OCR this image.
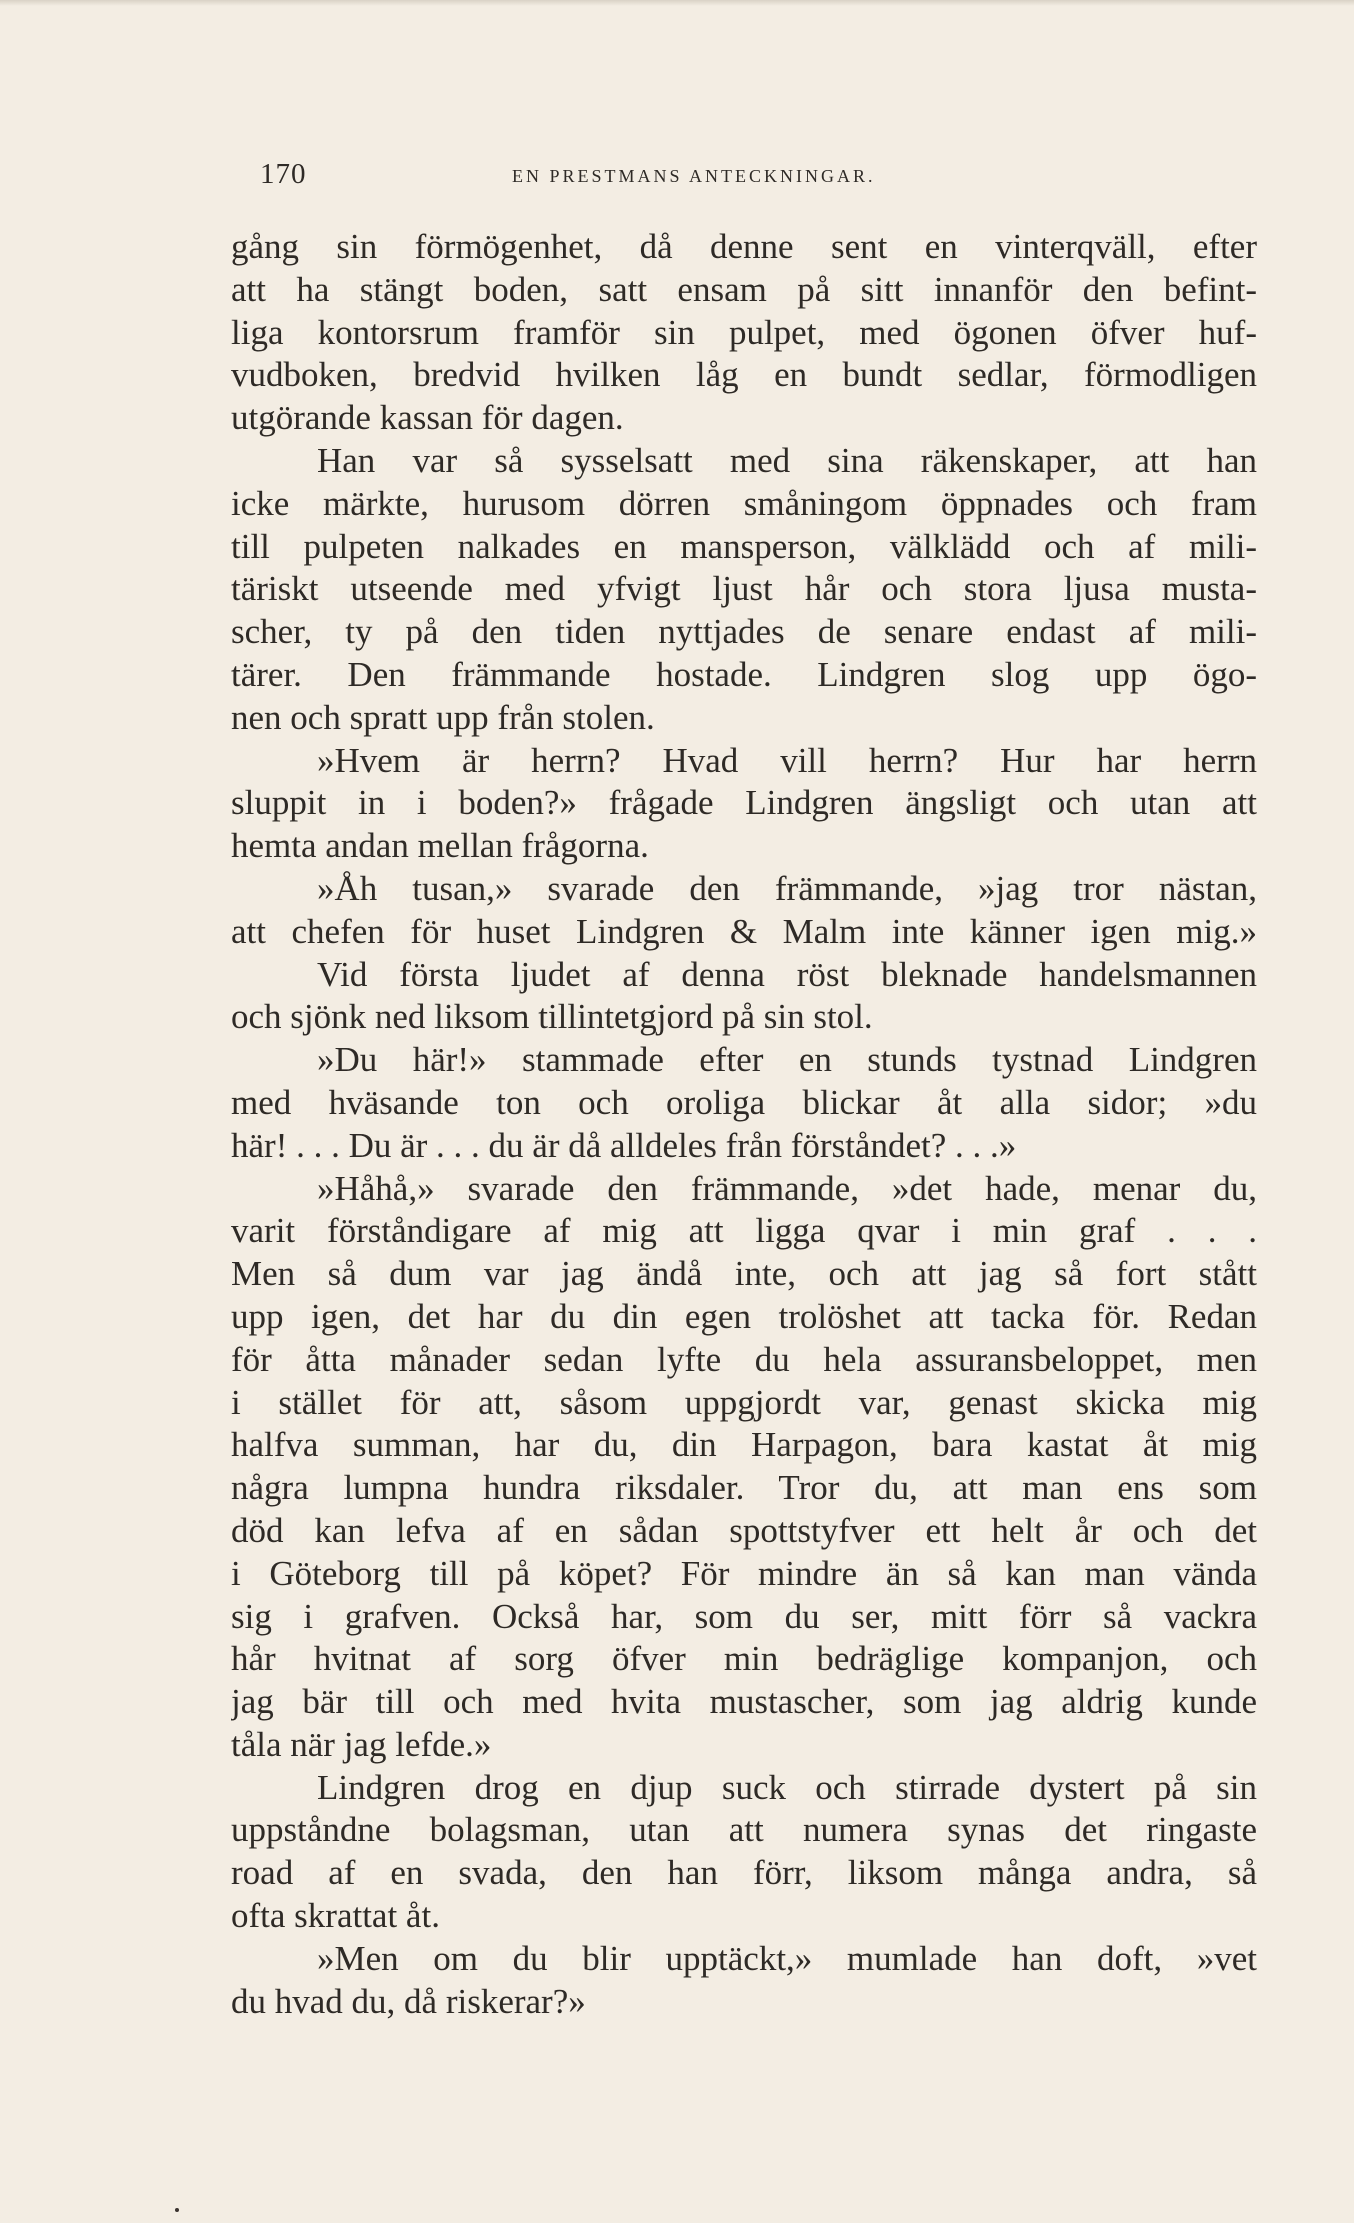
170	EN PRESTMANS ANTECKNINGAR.
gång sin förmögenhet, då denne sent en vinterqväll, efter
att ha stängt boden, satt ensam på sitt innanför den befint-
liga kontorsrum framför sin pulpet, med ögonen öfver huf-
vudboken, bredvid hvilken låg en bundt sedlar, förmodligen
utgörande kassan för dagen.
Han var så sysselsatt med sina räkenskaper, att han
icke märkte, hurusom dörren småningom öppnades och fram
till pulpeten nalkades en mansperson, välklädd och af mili-
täriskt utseende med yfvigt ljust hår och stora ljusa musta-
scher, ty på den tiden nyttjades de senare endast af mili-
tärer. Den främmande hostade. Lindgren slog upp ögo-
nen och spratt upp från stolen.
»Hvem är herrn? Hvad vill herrn? Hur har herrn
sluppit in i boden?» frågade Lindgren ängsligt och utan att
hemta andan mellan frågorna.
»Åh tusan,» svarade den främmande, »jag tror nästan,
att chefen för huset Lindgren & Malm inte känner igen mig.»
Vid första ljudet af denna röst bleknade handelsmannen
och sjönk ned liksom tillintetgjord på sin stol.
»Du här!» stammade efter en stunds tystnad Lindgren
med hväsande ton och oroliga blickar åt alla sidor; »du
här! . . . Du är . . . du är då alldeles från förståndet? . . .»
»Håhå,» svarade den främmande, »det hade, menar du,
varit förståndigare af mig att ligga qvar i min graf . . .
Men så dum var jag ändå inte, och att jag så fort stått
upp igen, det har du din egen trolöshet att tacka för. Redan
för åtta månader sedan lyfte du hela assuransbeloppet, men
i stället för att, såsom uppgjordt var, genast skicka mig
halfva summan, har du, din Harpagon, bara kastat åt mig
några lumpna hundra riksdaler. Tror du, att man ens som
död kan lefva af en sådan spottstyfver ett helt år och det
i Göteborg till på köpet? För mindre än så kan man vända
sig i grafven. Också har, som du ser, mitt förr så vackra
hår hvitnat af sorg öfver min bedräglige kompanjon, och
jag bär till och med hvita mustascher, som jag aldrig kunde
tåla när jag lefde.»
Lindgren drog en djup suck och stirrade dystert på sin
uppståndne bolagsman, utan att numera synas det ringaste
road af en svada, den han förr, liksom många andra, så
ofta skrattat åt.
»Men om du blir upptäckt,» mumlade han doft, »vet
du hvad du, då riskerar?»
